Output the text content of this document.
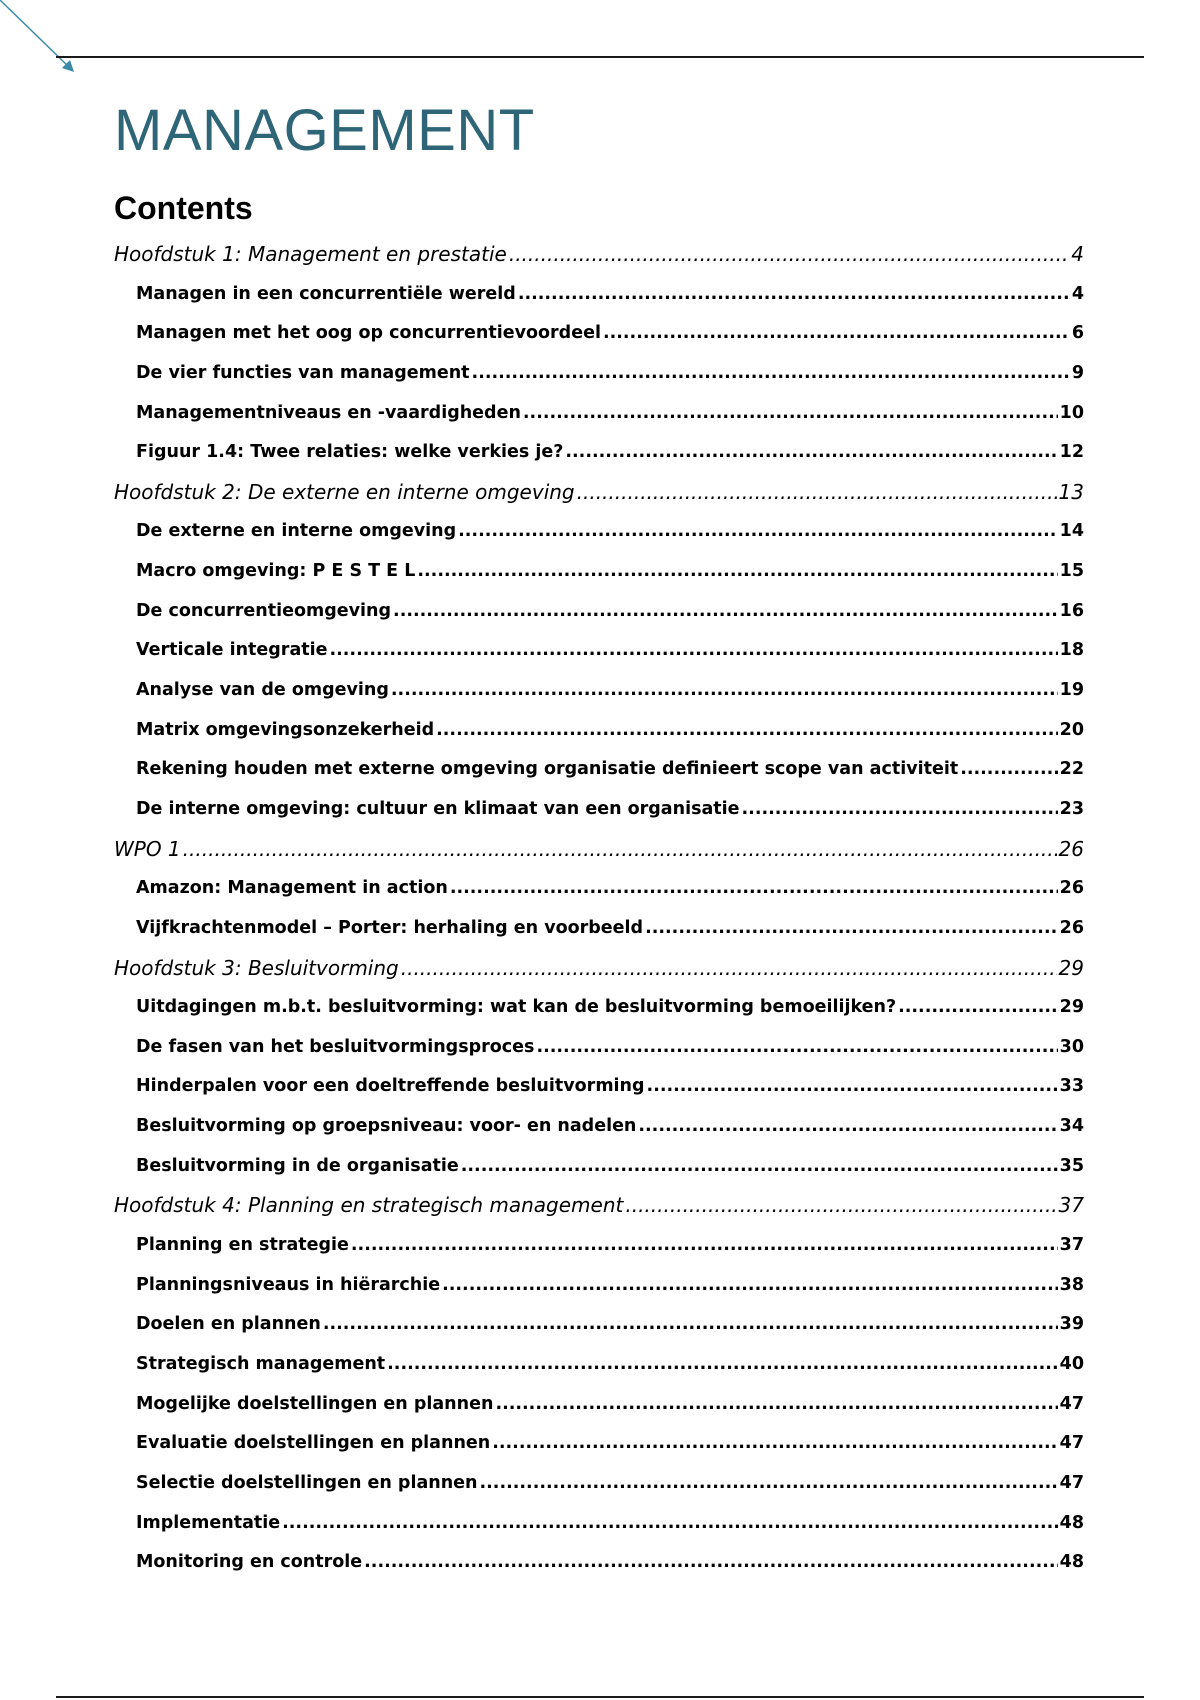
MANAGEMENT
Contents
Hoofdstuk 1: Management en prestatie .....	4
Managen in een concurrentiële wereld .....	4
Managen met het oog op concurrentievoordeel .....	6
De vier functies van management .....	9
Managementniveaus en -vaardigheden .....	10
Figuur 1.4: Twee relaties: welke verkies je? .....	12
Hoofdstuk 2: De externe en interne omgeving .....	13
De externe en interne omgeving .....	14
Macro omgeving: P E S T E L .....	15
De concurrentieomgeving .....	16
Verticale integratie .....	18
Analyse van de omgeving .....	19
Matrix omgevingsonzekerheid .....	20
Rekening houden met externe omgeving organisatie definieert scope van activiteit .....	22
De interne omgeving: cultuur en klimaat van een organisatie .....	23
WPO 1 .....	26
Amazon: Management in action .....	26
Vijfkrachtenmodel – Porter: herhaling en voorbeeld .....	26
Hoofdstuk 3: Besluitvorming .....	29
Uitdagingen m.b.t. besluitvorming: wat kan de besluitvorming bemoeilijken? .....	29
De fasen van het besluitvormingsproces .....	30
Hinderpalen voor een doeltreffende besluitvorming .....	33
Besluitvorming op groepsniveau: voor- en nadelen .....	34
Besluitvorming in de organisatie .....	35
Hoofdstuk 4: Planning en strategisch management .....	37
Planning en strategie .....	37
Planningsniveaus in hiërarchie .....	38
Doelen en plannen .....	39
Strategisch management .....	40
Mogelijke doelstellingen en plannen .....	47
Evaluatie doelstellingen en plannen .....	47
Selectie doelstellingen en plannen .....	47
Implementatie .....	48
Monitoring en controle .....	48
